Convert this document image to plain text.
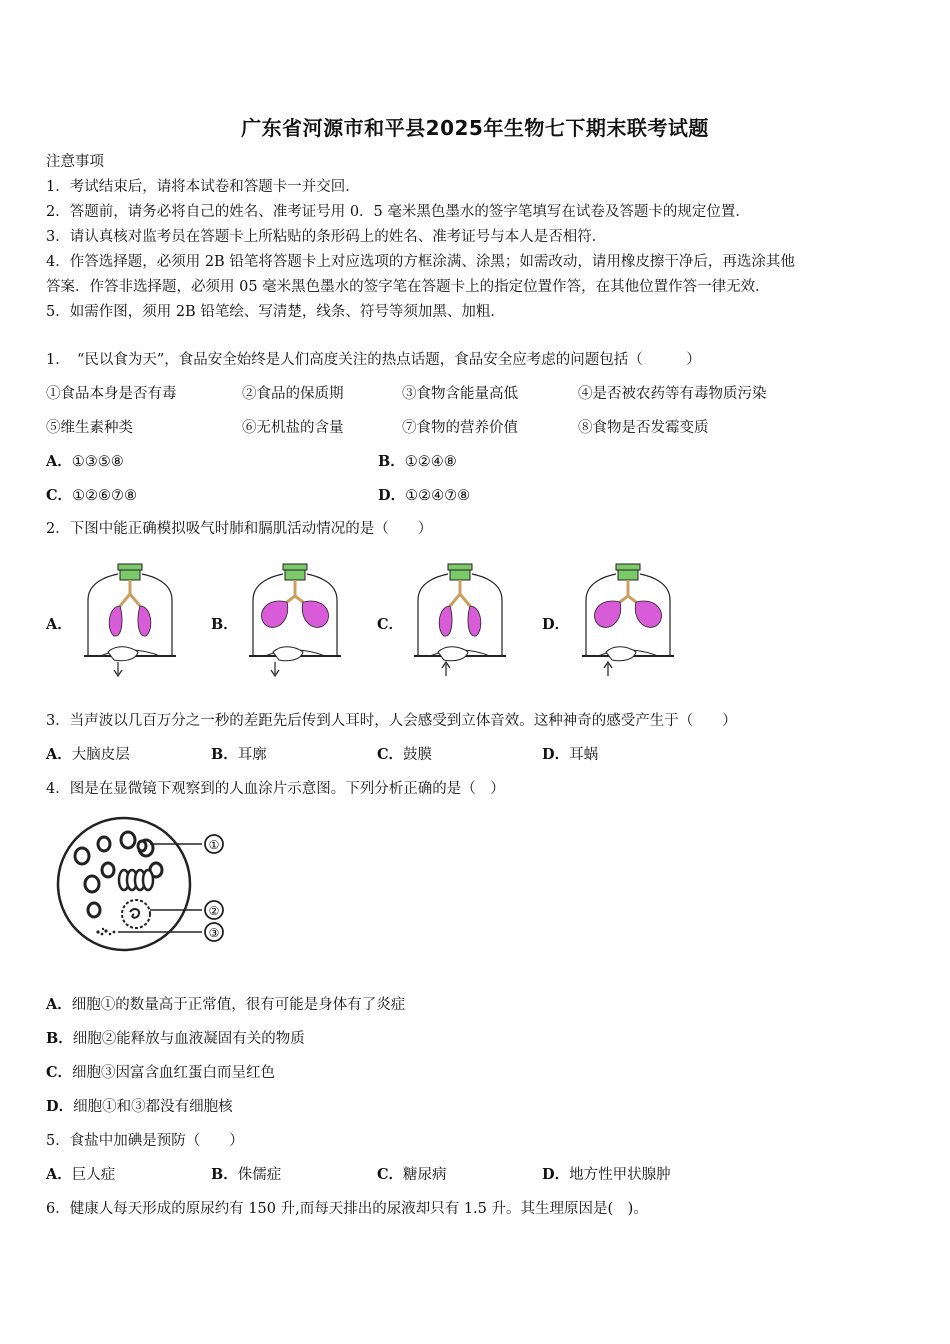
广东省河源市和平县2025年生物七下期末联考试题
注意事项
1．考试结束后，请将本试卷和答题卡一并交回．
2．答题前，请务必将自己的姓名、准考证号用 0．5 毫米黑色墨水的签字笔填写在试卷及答题卡的规定位置．
3．请认真核对监考员在答题卡上所粘贴的条形码上的姓名、准考证号与本人是否相符．
4．作答选择题，必须用 2B 铅笔将答题卡上对应选项的方框涂满、涂黑；如需改动，请用橡皮擦干净后，再选涂其他
答案．作答非选择题，必须用 05 毫米黑色墨水的签字笔在答题卡上的指定位置作答，在其他位置作答一律无效．
5．如需作图，须用 2B 铅笔绘、写清楚，线条、符号等须加黑、加粗．
1．　“民以食为天”，食品安全始终是人们高度关注的热点话题，食品安全应考虑的问题包括（　　　）
①食品本身是否有毒	②食品的保质期	③食物含能量高低	④是否被农药等有毒物质污染
⑤维生素种类	⑥无机盐的含量	⑦食物的营养价值	⑧食物是否发霉变质
A．①③⑤⑧	B．①②④⑧
C．①②⑥⑦⑧	D．①②④⑦⑧
2．下图中能正确模拟吸气时肺和膈肌活动情况的是（　　）
A．	B．	C．	D．
3．当声波以几百万分之一秒的差距先后传到人耳时，人会感受到立体音效。这种神奇的感受产生于（　　）
A．大脑皮层	B．耳廓	C．鼓膜	D．耳蜗
4．图是在显微镜下观察到的人血涂片示意图。下列分析正确的是（　）
①
②
③
A．细胞①的数量高于正常值，很有可能是身体有了炎症
B．细胞②能释放与血液凝固有关的物质
C．细胞③因富含血红蛋白而呈红色
D．细胞①和③都没有细胞核
5．食盐中加碘是预防（　　）
A．巨人症	B．侏儒症	C．糖尿病	D．地方性甲状腺肿
6．健康人每天形成的原尿约有 150 升,而每天排出的尿液却只有 1.5 升。其生理原因是(　)。
